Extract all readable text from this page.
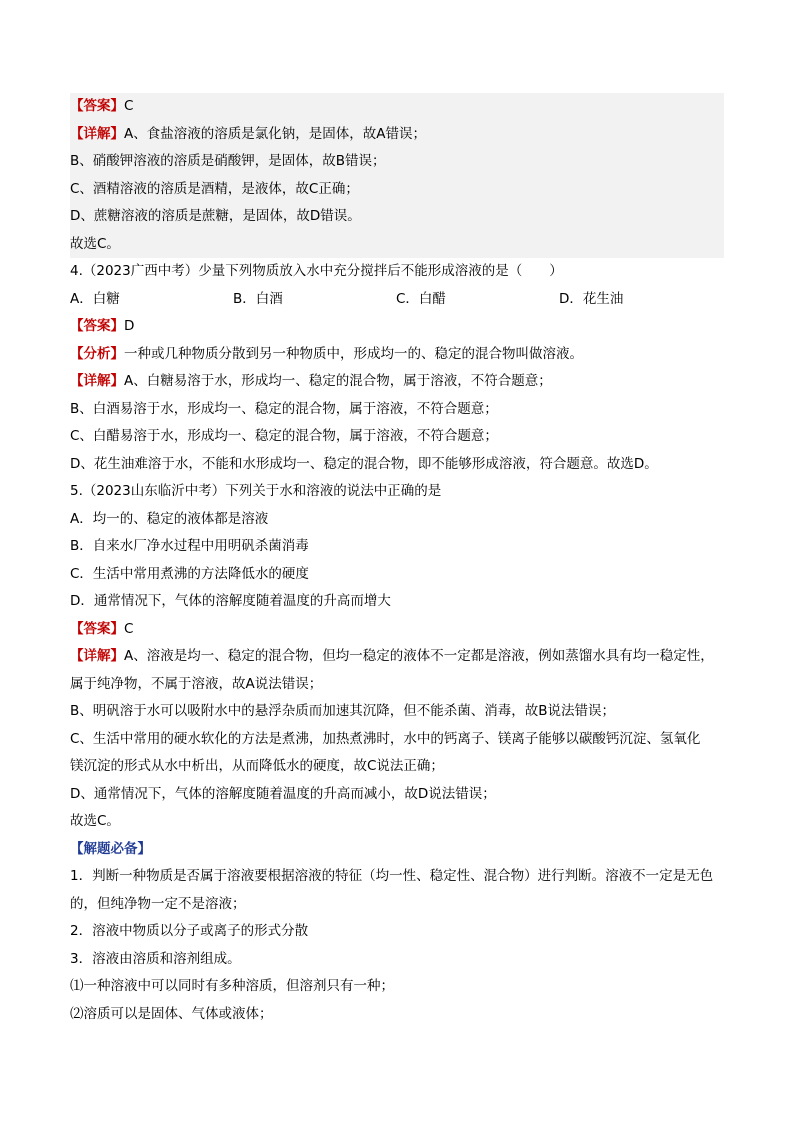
【答案】C
【详解】A、食盐溶液的溶质是氯化钠，是固体，故A错误；
B、硝酸钾溶液的溶质是硝酸钾，是固体，故B错误；
C、酒精溶液的溶质是酒精，是液体，故C正确；
D、蔗糖溶液的溶质是蔗糖，是固体，故D错误。
故选C。
4.（2023广西中考）少量下列物质放入水中充分搅拌后不能形成溶液的是（　　）
A．白糖	B．白酒	C．白醋	D．花生油
【答案】D
【分析】一种或几种物质分散到另一种物质中，形成均一的、稳定的混合物叫做溶液。
【详解】A、白糖易溶于水，形成均一、稳定的混合物，属于溶液，不符合题意；
B、白酒易溶于水，形成均一、稳定的混合物，属于溶液，不符合题意；
C、白醋易溶于水，形成均一、稳定的混合物，属于溶液，不符合题意；
D、花生油难溶于水，不能和水形成均一、稳定的混合物，即不能够形成溶液，符合题意。故选D。
5.（2023山东临沂中考）下列关于水和溶液的说法中正确的是
A．均一的、稳定的液体都是溶液
B．自来水厂净水过程中用明矾杀菌消毒
C．生活中常用煮沸的方法降低水的硬度
D．通常情况下，气体的溶解度随着温度的升高而增大
【答案】C
【详解】A、溶液是均一、稳定的混合物，但均一稳定的液体不一定都是溶液，例如蒸馏水具有均一稳定性，
属于纯净物，不属于溶液，故A说法错误；
B、明矾溶于水可以吸附水中的悬浮杂质而加速其沉降，但不能杀菌、消毒，故B说法错误；
C、生活中常用的硬水软化的方法是煮沸，加热煮沸时，水中的钙离子、镁离子能够以碳酸钙沉淀、氢氧化
镁沉淀的形式从水中析出，从而降低水的硬度，故C说法正确；
D、通常情况下，气体的溶解度随着温度的升高而减小，故D说法错误；
故选C。
【解题必备】
1．判断一种物质是否属于溶液要根据溶液的特征（均一性、稳定性、混合物）进行判断。溶液不一定是无色
的，但纯净物一定不是溶液；
2．溶液中物质以分子或离子的形式分散
3．溶液由溶质和溶剂组成。
⑴一种溶液中可以同时有多种溶质，但溶剂只有一种；
⑵溶质可以是固体、气体或液体；
